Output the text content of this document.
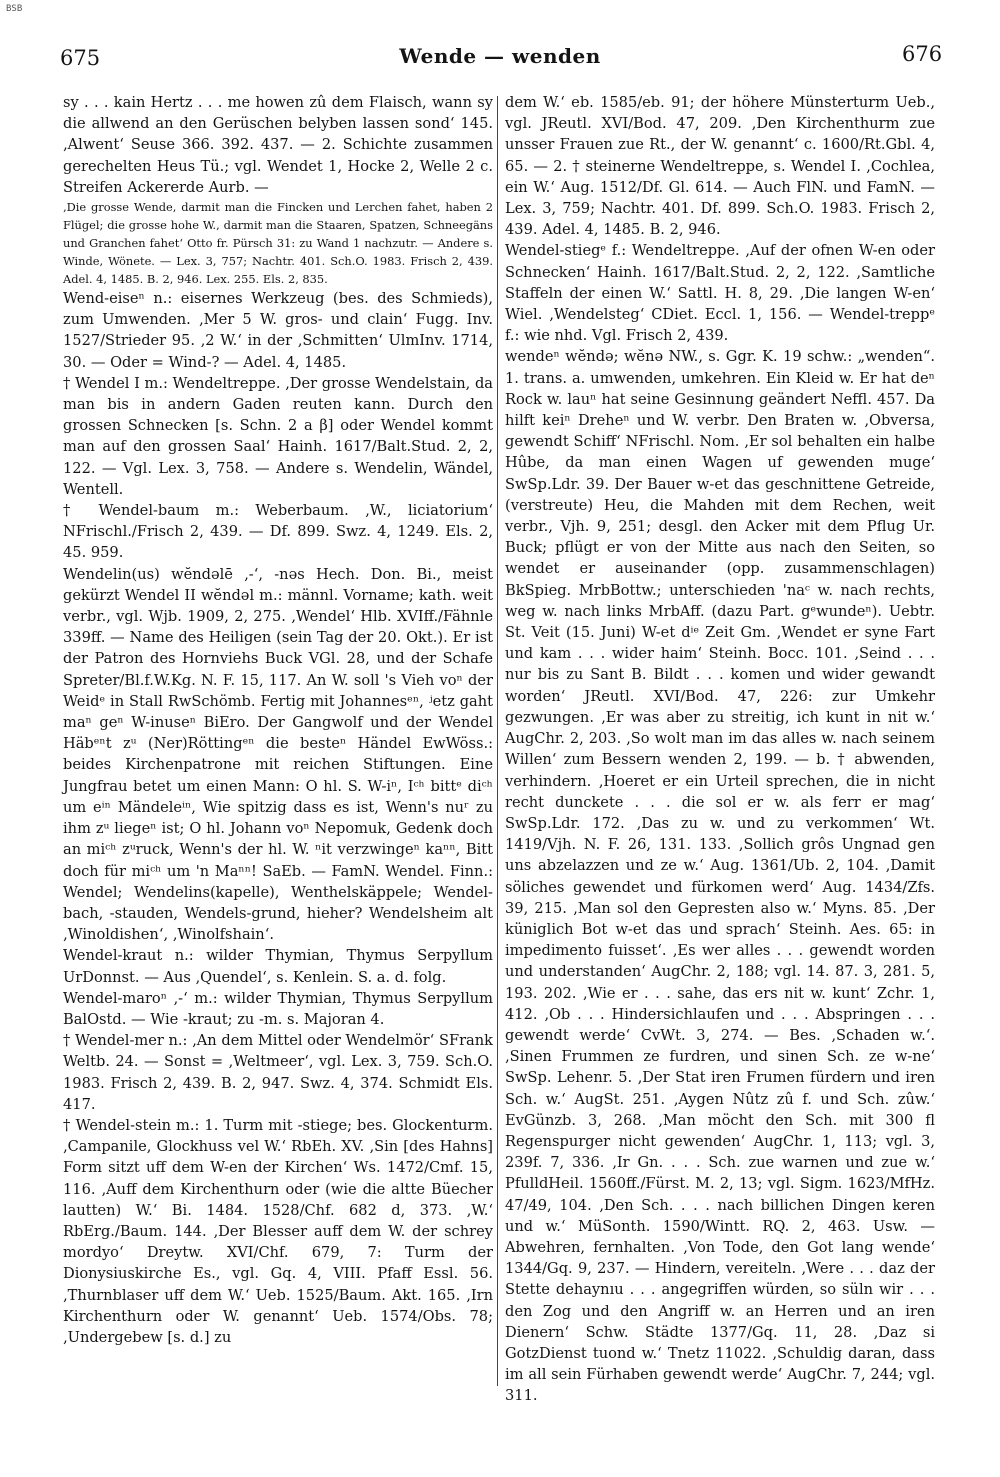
BSB
675	Wende — wenden	676

sy . . . kain Hertz . . . me howen zû dem Flaisch, wann sy die allwend an den Gerüschen belyben lassen sond‘ 145. ‚Alwent‘ Seuse 366. 392. 437. — 2. Schichte zusammen gerechelten Heus Tü.; vgl. Wendet 1, Hocke 2, Welle 2 c. Streifen Ackererde Aurb. —

‚Die grosse Wende, darmit man die Fincken und Lerchen fahet, haben 2 Flügel; die grosse hohe W., darmit man die Staaren, Spatzen, Schneegäns und Granchen fahet‘ Otto fr. Pürsch 31: zu Wand 1 nachzutr. — Andere s. Winde, Wönete. — Lex. 3, 757; Nachtr. 401. Sch.O. 1983. Frisch 2, 439. Adel. 4, 1485. B. 2, 946. Lex. 255. Els. 2, 835.

Wend-eiseⁿ n.: eisernes Werkzeug (bes. des Schmieds), zum Umwenden. ‚Mer 5 W. gros- und clain‘ Fugg. Inv. 1527/Strieder 95. ‚2 W.‘ in der ‚Schmitten‘ UlmInv. 1714, 30. — Oder = Wind-? — Adel. 4, 1485.

† Wendel I m.: Wendeltreppe. ‚Der grosse Wendelstain, da man bis in andern Gaden reuten kann. Durch den grossen Schnecken [s. Schn. 2 a β] oder Wendel kommt man auf den grossen Saal‘ Hainh. 1617/Balt.Stud. 2, 2, 122. — Vgl. Lex. 3, 758. — Andere s. Wendelin, Wändel, Wentell.

† Wendel-baum m.: Weberbaum. ‚W., liciatorium‘ NFrischl./Frisch 2, 439. — Df. 899. Swz. 4, 1249. Els. 2, 45. 959.

Wendelin(us) wĕndəlē ‚-‘, -nəs Hech. Don. Bi., meist gekürzt Wendel II wĕndəl m.: männl. Vorname; kath. weit verbr., vgl. Wjb. 1909, 2, 275. ‚Wendel‘ Hlb. XVIff./Fähnle 339ff. — Name des Heiligen (sein Tag der 20. Okt.). Er ist der Patron des Hornviehs Buck VGl. 28, und der Schafe Spreter/Bl.f.W.Kg. N. F. 15, 117. An W. soll 's Vieh voⁿ der Weidᵉ in Stall RwSchömb. Fertig mit Johannesᵉⁿ, ʲetz gaht maⁿ geⁿ W-inuseⁿ BiEro. Der Gangwolf und der Wendel Häbᵉⁿt zᵘ (Ner)Röttingᵉⁿ die besteⁿ Händel EwWöss.: beides Kirchenpatrone mit reichen Stiftungen. Eine Jungfrau betet um einen Mann: O hl. S. W-iⁿ, Iᶜʰ bittᵉ diᶜʰ um eⁱⁿ Mändeleⁱⁿ, Wie spitzig dass es ist, Wenn's nuʳ zu ihm zᵘ liegeⁿ ist; O hl. Johann voⁿ Nepomuk, Gedenk doch an miᶜʰ zᵘruck, Wenn's der hl. W. ⁿit verzwingeⁿ kaⁿⁿ, Bitt doch für miᶜʰ um 'n Maⁿⁿ! SaEb. — FamN. Wendel. Finn.: Wendel; Wendelins(kapelle), Wenthelskäppele; Wendel-bach, -stauden, Wendels-grund, hieher? Wendelsheim alt ‚Winoldishen‘, ‚Winolfshain‘.

Wendel-kraut n.: wilder Thymian, Thymus Serpyllum UrDonnst. — Aus ‚Quendel‘, s. Kenlein. S. a. d. folg.

Wendel-maroⁿ ‚-‘ m.: wilder Thymian, Thymus Serpyllum BalOstd. — Wie -kraut; zu -m. s. Majoran 4.

† Wendel-mer n.: ‚An dem Mittel oder Wendelmör‘ SFrank Weltb. 24. — Sonst = ‚Weltmeer‘, vgl. Lex. 3, 759. Sch.O. 1983. Frisch 2, 439. B. 2, 947. Swz. 4, 374. Schmidt Els. 417.

† Wendel-stein m.: 1. Turm mit -stiege; bes. Glockenturm. ‚Campanile, Glockhuss vel W.‘ RbEh. XV. ‚Sin [des Hahns] Form sitzt uff dem W-en der Kirchen‘ Ws. 1472/Cmf. 15, 116. ‚Auff dem Kirchenthurn oder (wie die altte Büecher lautten) W.‘ Bi. 1484. 1528/Chf. 682 d, 373. ‚W.‘ RbErg./Baum. 144. ‚Der Blesser auff dem W. der schrey mordyo‘ Dreytw. XVI/Chf. 679, 7: Turm der Dionysiuskirche Es., vgl. Gq. 4, VIII. Pfaff Essl. 56. ‚Thurnblaser uff dem W.‘ Ueb. 1525/Baum. Akt. 165. ‚Irn Kirchenthurn oder W. genannt‘ Ueb. 1574/Obs. 78; ‚Undergebew [s. d.] zu

dem W.‘ eb. 1585/eb. 91; der höhere Münsterturm Ueb., vgl. JReutl. XVI/Bod. 47, 209. ‚Den Kirchenthurm zue unsser Frauen zue Rt., der W. genannt‘ c. 1600/Rt.Gbl. 4, 65. — 2. † steinerne Wendeltreppe, s. Wendel I. ‚Cochlea, ein W.‘ Aug. 1512/Df. Gl. 614. — Auch FlN. und FamN. — Lex. 3, 759; Nachtr. 401. Df. 899. Sch.O. 1983. Frisch 2, 439. Adel. 4, 1485. B. 2, 946.

Wendel-stiegᵉ f.: Wendeltreppe. ‚Auf der ofnen W-en oder Schnecken‘ Hainh. 1617/Balt.Stud. 2, 2, 122. ‚Samtliche Staffeln der einen W.‘ Sattl. H. 8, 29. ‚Die langen W-en‘ Wiel. ‚Wendelsteg‘ CDiet. Eccl. 1, 156. — Wendel-treppᵉ f.: wie nhd. Vgl. Frisch 2, 439.

wendeⁿ wĕndə; wĕnə NW., s. Ggr. K. 19 schw.: „wenden“. 1. trans. a. umwenden, umkehren. Ein Kleid w. Er hat deⁿ Rock w. lauⁿ hat seine Gesinnung geändert Neffl. 457. Da hilft keiⁿ Dreheⁿ und W. verbr. Den Braten w. ‚Obversa, gewendt Schiff‘ NFrischl. Nom. ‚Er sol behalten ein halbe Hûbe, da man einen Wagen uf gewenden muge‘ SwSp.Ldr. 39. Der Bauer w-et das geschnittene Getreide, (verstreute) Heu, die Mahden mit dem Rechen, weit verbr., Vjh. 9, 251; desgl. den Acker mit dem Pflug Ur. Buck; pflügt er von der Mitte aus nach den Seiten, so wendet er auseinander (opp. zusammenschlagen) BkSpieg. MrbBottw.; unterschieden 'naᶜ w. nach rechts, weg w. nach links MrbAff. (dazu Part. gᵉwundeⁿ). Uebtr. St. Veit (15. Juni) W-et dⁱᵉ Zeit Gm. ‚Wendet er syne Fart und kam . . . wider haim‘ Steinh. Bocc. 101. ‚Seind . . . nur bis zu Sant B. Bildt . . . komen und wider gewandt worden‘ JReutl. XVI/Bod. 47, 226: zur Umkehr gezwungen. ‚Er was aber zu streitig, ich kunt in nit w.‘ AugChr. 2, 203. ‚So wolt man im das alles w. nach seinem Willen‘ zum Bessern wenden 2, 199. — b. † abwenden, verhindern. ‚Hoeret er ein Urteil sprechen, die in nicht recht dunckete . . . die sol er w. als ferr er mag‘ SwSp.Ldr. 172. ‚Das zu w. und zu verkommen‘ Wt. 1419/Vjh. N. F. 26, 131. 133. ‚Sollich grôs Ungnad gen uns abzelazzen und ze w.‘ Aug. 1361/Ub. 2, 104. ‚Damit söliches gewendet und fürkomen werd‘ Aug. 1434/Zfs. 39, 215. ‚Man sol den Gepresten also w.‘ Myns. 85. ‚Der küniglich Bot w-et das und sprach‘ Steinh. Aes. 65: in impedimento fuisset‘. ‚Es wer alles . . . gewendt worden und understanden‘ AugChr. 2, 188; vgl. 14. 87. 3, 281. 5, 193. 202. ‚Wie er . . . sahe, das ers nit w. kunt‘ Zchr. 1, 412. ‚Ob . . . Hindersichlaufen und . . . Abspringen . . . gewendt werde‘ CvWt. 3, 274. — Bes. ‚Schaden w.‘. ‚Sinen Frummen ze furdren, und sinen Sch. ze w-ne‘ SwSp. Lehenr. 5. ‚Der Stat iren Frumen fürdern und iren Sch. w.‘ AugSt. 251. ‚Aygen Nûtz zû f. und Sch. zûw.‘ EvGünzb. 3, 268. ‚Man möcht den Sch. mit 300 fl Regenspurger nicht gewenden‘ AugChr. 1, 113; vgl. 3, 239f. 7, 336. ‚Ir Gn. . . . Sch. zue warnen und zue w.‘ PfulldHeil. 1560ff./Fürst. M. 2, 13; vgl. Sigm. 1623/MfHz. 47/49, 104. ‚Den Sch. . . . nach billichen Dingen keren und w.‘ MüSonth. 1590/Wintt. RQ. 2, 463. Usw. — Abwehren, fernhalten. ‚Von Tode, den Got lang wende‘ 1344/Gq. 9, 237. — Hindern, vereiteln. ‚Were . . . daz der Stette dehaynıu . . . angegriffen würden, so süln wir . . . den Zog und den Angriff w. an Herren und an iren Dienern‘ Schw. Städte 1377/Gq. 11, 28. ‚Daz si GotzDienst tuond w.‘ Tnetz 11022. ‚Schuldig daran, dass im all sein Fürhaben gewendt werde‘ AugChr. 7, 244; vgl. 311.
